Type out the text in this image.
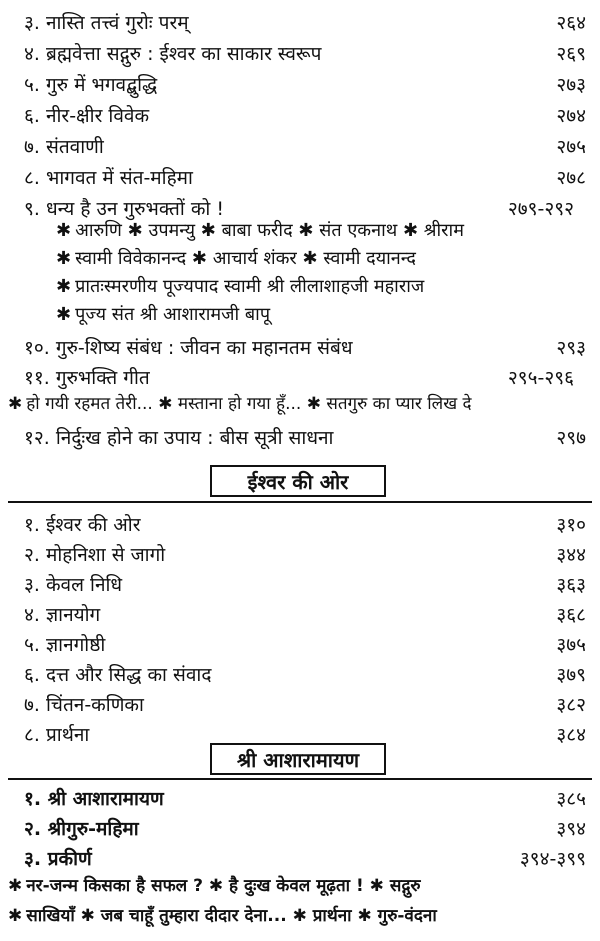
३. नास्ति तत्त्वं गुरोः परम्	२६४
४. ब्रह्मवेत्ता सद्गुरु : ईश्वर का साकार स्वरूप	२६९
५. गुरु में भगवद्बुद्धि	२७३
६. नीर-क्षीर विवेक	२७४
७. संतवाणी	२७५
८. भागवत में संत-महिमा	२७८
९. धन्य है उन गुरुभक्तों को !	२७९-२९२
✱ आरुणि ✱ उपमन्यु ✱ बाबा फरीद ✱ संत एकनाथ ✱ श्रीराम
✱ स्वामी विवेकानन्द ✱ आचार्य शंकर ✱ स्वामी दयानन्द
✱ प्रातःस्मरणीय पूज्यपाद स्वामी श्री लीलाशाहजी महाराज
✱ पूज्य संत श्री आशारामजी बापू
१०. गुरु-शिष्य संबंध : जीवन का महानतम संबंध	२९३
११. गुरुभक्ति गीत	२९५-२९६
✱ हो गयी रहमत तेरी... ✱ मस्ताना हो गया हूँ... ✱ सतगुरु का प्यार लिख दे
१२. निर्दुःख होने का उपाय : बीस सूत्री साधना	२९७
ईश्वर की ओर
१. ईश्वर की ओर	३१०
२. मोहनिशा से जागो	३४४
३. केवल निधि	३६३
४. ज्ञानयोग	३६८
५. ज्ञानगोष्ठी	३७५
६. दत्त और सिद्ध का संवाद	३७९
७. चिंतन-कणिका	३८२
८. प्रार्थना	३८४
श्री आशारामायण
१. श्री आशारामायण	३८५
२. श्रीगुरु-महिमा	३९४
३. प्रकीर्ण	३९४-३९९
✱ नर-जन्म किसका है सफल ? ✱ है दुःख केवल मूढ़ता ! ✱ सद्गुरु
✱ साखियाँ ✱ जब चाहूँ तुम्हारा दीदार देना... ✱ प्रार्थना ✱ गुरु-वंदना
